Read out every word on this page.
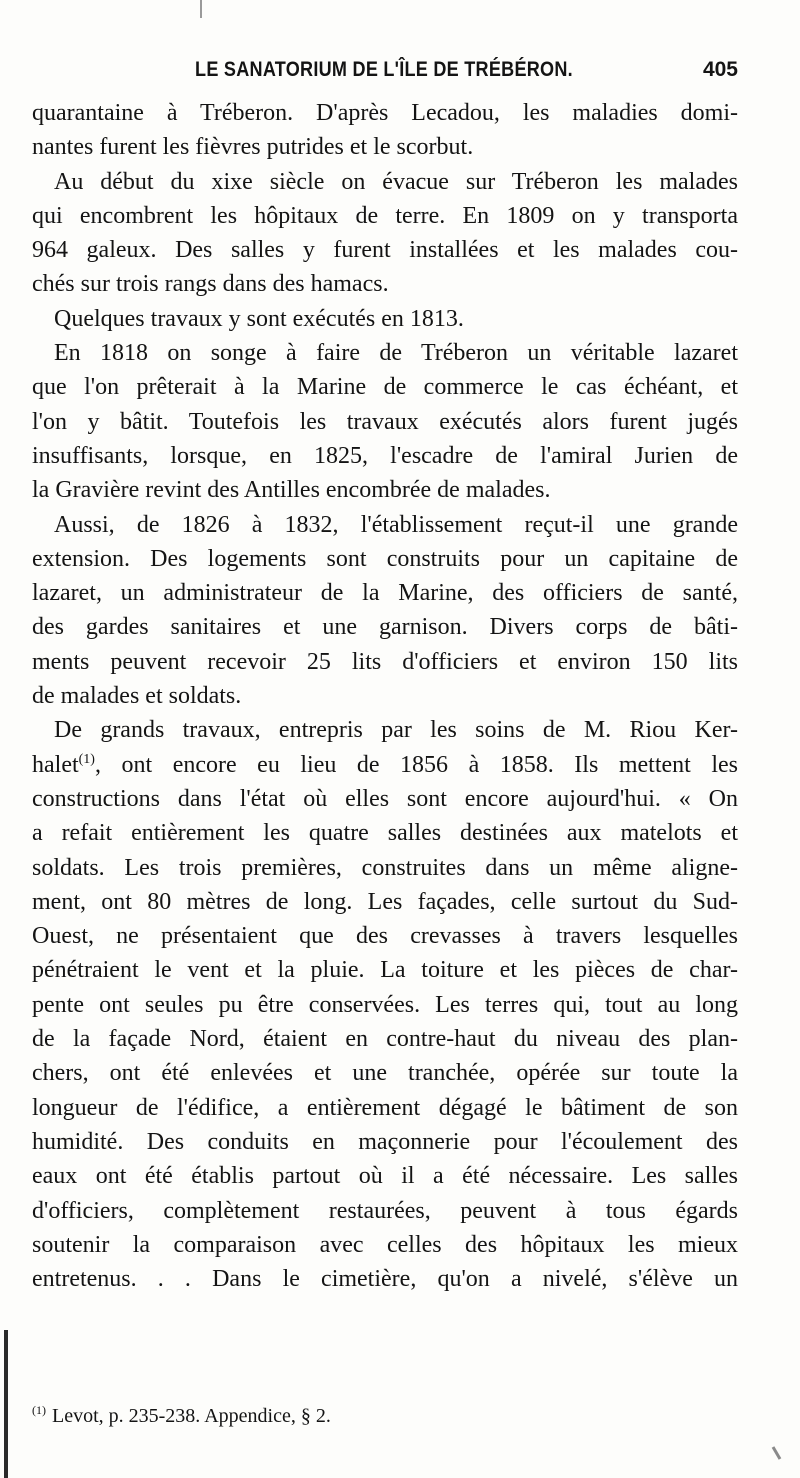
LE SANATORIUM DE L'ÎLE DE TRÉBÉRON.	405
quarantaine à Tréberon. D'après Lecadou, les maladies domi-
nantes furent les fièvres putrides et le scorbut.
Au début du xixe siècle on évacue sur Tréberon les malades
qui encombrent les hôpitaux de terre. En 1809 on y transporta
964 galeux. Des salles y furent installées et les malades cou-
chés sur trois rangs dans des hamacs.
Quelques travaux y sont exécutés en 1813.
En 1818 on songe à faire de Tréberon un véritable lazaret
que l'on prêterait à la Marine de commerce le cas échéant, et
l'on y bâtit. Toutefois les travaux exécutés alors furent jugés
insuffisants, lorsque, en 1825, l'escadre de l'amiral Jurien de
la Gravière revint des Antilles encombrée de malades.
Aussi, de 1826 à 1832, l'établissement reçut-il une grande
extension. Des logements sont construits pour un capitaine de
lazaret, un administrateur de la Marine, des officiers de santé,
des gardes sanitaires et une garnison. Divers corps de bâti-
ments peuvent recevoir 25 lits d'officiers et environ 150 lits
de malades et soldats.
De grands travaux, entrepris par les soins de M. Riou Ker-
halet$^{(1)}$, ont encore eu lieu de 1856 à 1858. Ils mettent les
constructions dans l'état où elles sont encore aujourd'hui. « On
a refait entièrement les quatre salles destinées aux matelots et
soldats. Les trois premières, construites dans un même aligne-
ment, ont 80 mètres de long. Les façades, celle surtout du Sud-
Ouest, ne présentaient que des crevasses à travers lesquelles
pénétraient le vent et la pluie. La toiture et les pièces de char-
pente ont seules pu être conservées. Les terres qui, tout au long
de la façade Nord, étaient en contre-haut du niveau des plan-
chers, ont été enlevées et une tranchée, opérée sur toute la
longueur de l'édifice, a entièrement dégagé le bâtiment de son
humidité. Des conduits en maçonnerie pour l'écoulement des
eaux ont été établis partout où il a été nécessaire. Les salles
d'officiers, complètement restaurées, peuvent à tous égards
soutenir la comparaison avec celles des hôpitaux les mieux
entretenus. . . Dans le cimetière, qu'on a nivelé, s'élève un
$^{(1)}$ Levot, p. 235-238. Appendice, § 2.
